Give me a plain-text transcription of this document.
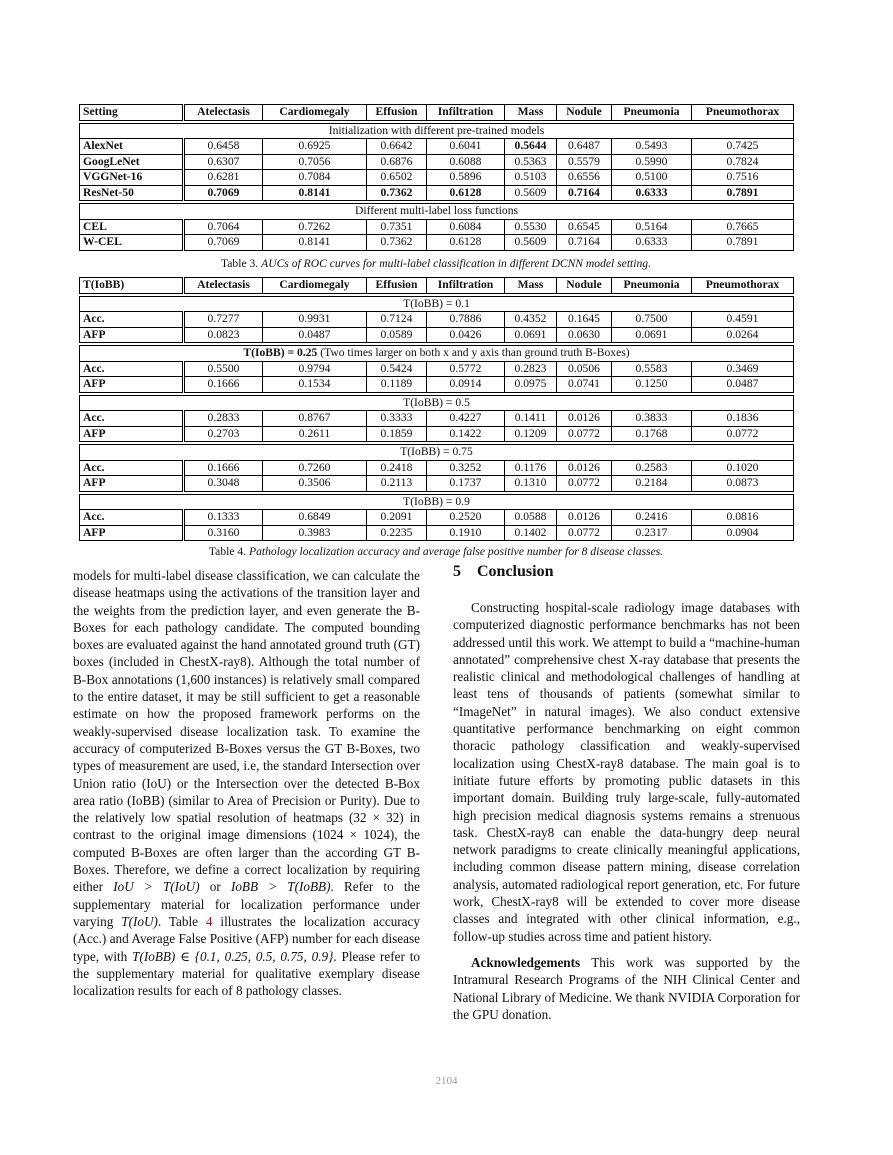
Setting	Atelectasis	Cardiomegaly	Effusion	Infiltration	Mass	Nodule	Pneumonia	Pneumothorax

Initialization with different pre-trained models								
AlexNet	0.6458	0.6925	0.6642	0.6041	0.5644	0.6487	0.5493	0.7425
GoogLeNet	0.6307	0.7056	0.6876	0.6088	0.5363	0.5579	0.5990	0.7824
VGGNet-16	0.6281	0.7084	0.6502	0.5896	0.5103	0.6556	0.5100	0.7516
ResNet-50	0.7069	0.8141	0.7362	0.6128	0.5609	0.7164	0.6333	0.7891

Different multi-label loss functions								
CEL	0.7064	0.7262	0.7351	0.6084	0.5530	0.6545	0.5164	0.7665
W-CEL	0.7069	0.8141	0.7362	0.6128	0.5609	0.7164	0.6333	0.7891
Table 3. AUCs of ROC curves for multi-label classification in different DCNN model setting.
T(IoBB)	Atelectasis	Cardiomegaly	Effusion	Infiltration	Mass	Nodule	Pneumonia	Pneumothorax

T(IoBB) = 0.1								
Acc.	0.7277	0.9931	0.7124	0.7886	0.4352	0.1645	0.7500	0.4591
AFP	0.0823	0.0487	0.0589	0.0426	0.0691	0.0630	0.0691	0.0264

T(IoBB) = 0.25 (Two times larger on both x and y axis than ground truth B-Boxes)								
Acc.	0.5500	0.9794	0.5424	0.5772	0.2823	0.0506	0.5583	0.3469
AFP	0.1666	0.1534	0.1189	0.0914	0.0975	0.0741	0.1250	0.0487

T(IoBB) = 0.5								
Acc.	0.2833	0.8767	0.3333	0.4227	0.1411	0.0126	0.3833	0.1836
AFP	0.2703	0.2611	0.1859	0.1422	0.1209	0.0772	0.1768	0.0772

T(IoBB) = 0.75								
Acc.	0.1666	0.7260	0.2418	0.3252	0.1176	0.0126	0.2583	0.1020
AFP	0.3048	0.3506	0.2113	0.1737	0.1310	0.0772	0.2184	0.0873

T(IoBB) = 0.9								
Acc.	0.1333	0.6849	0.2091	0.2520	0.0588	0.0126	0.2416	0.0816
AFP	0.3160	0.3983	0.2235	0.1910	0.1402	0.0772	0.2317	0.0904
Table 4. Pathology localization accuracy and average false positive number for 8 disease classes.

models for multi-label disease classification, we can calculate the disease heatmaps using the activations of the transition layer and the weights from the prediction layer, and even generate the B-Boxes for each pathology candidate. The computed bounding boxes are evaluated against the hand annotated ground truth (GT) boxes (included in ChestX-ray8). Although the total number of B-Box annotations (1,600 instances) is relatively small compared to the entire dataset, it may be still sufficient to get a reasonable estimate on how the proposed framework performs on the weakly-supervised disease localization task. To examine the accuracy of computerized B-Boxes versus the GT B-Boxes, two types of measurement are used, i.e, the standard Intersection over Union ratio (IoU) or the Intersection over the detected B-Box area ratio (IoBB) (similar to Area of Precision or Purity). Due to the relatively low spatial resolution of heatmaps (32 × 32) in contrast to the original image dimensions (1024 × 1024), the computed B-Boxes are often larger than the according GT B-Boxes. Therefore, we define a correct localization by requiring either IoU > T(IoU) or IoBB > T(IoBB). Refer to the supplementary material for localization performance under varying T(IoU). Table 4 illustrates the localization accuracy (Acc.) and Average False Positive (AFP) number for each disease type, with T(IoBB) ∈ {0.1, 0.25, 0.5, 0.75, 0.9}. Please refer to the supplementary material for qualitative exemplary disease localization results for each of 8 pathology classes.

5 Conclusion

Constructing hospital-scale radiology image databases with computerized diagnostic performance benchmarks has not been addressed until this work. We attempt to build a “machine-human annotated” comprehensive chest X-ray database that presents the realistic clinical and methodological challenges of handling at least tens of thousands of patients (somewhat similar to “ImageNet” in natural images). We also conduct extensive quantitative performance benchmarking on eight common thoracic pathology classification and weakly-supervised localization using ChestX-ray8 database. The main goal is to initiate future efforts by promoting public datasets in this important domain. Building truly large-scale, fully-automated high precision medical diagnosis systems remains a strenuous task. ChestX-ray8 can enable the data-hungry deep neural network paradigms to create clinically meaningful applications, including common disease pattern mining, disease correlation analysis, automated radiological report generation, etc. For future work, ChestX-ray8 will be extended to cover more disease classes and integrated with other clinical information, e.g., follow-up studies across time and patient history.

Acknowledgements This work was supported by the Intramural Research Programs of the NIH Clinical Center and National Library of Medicine. We thank NVIDIA Corporation for the GPU donation.

2104
